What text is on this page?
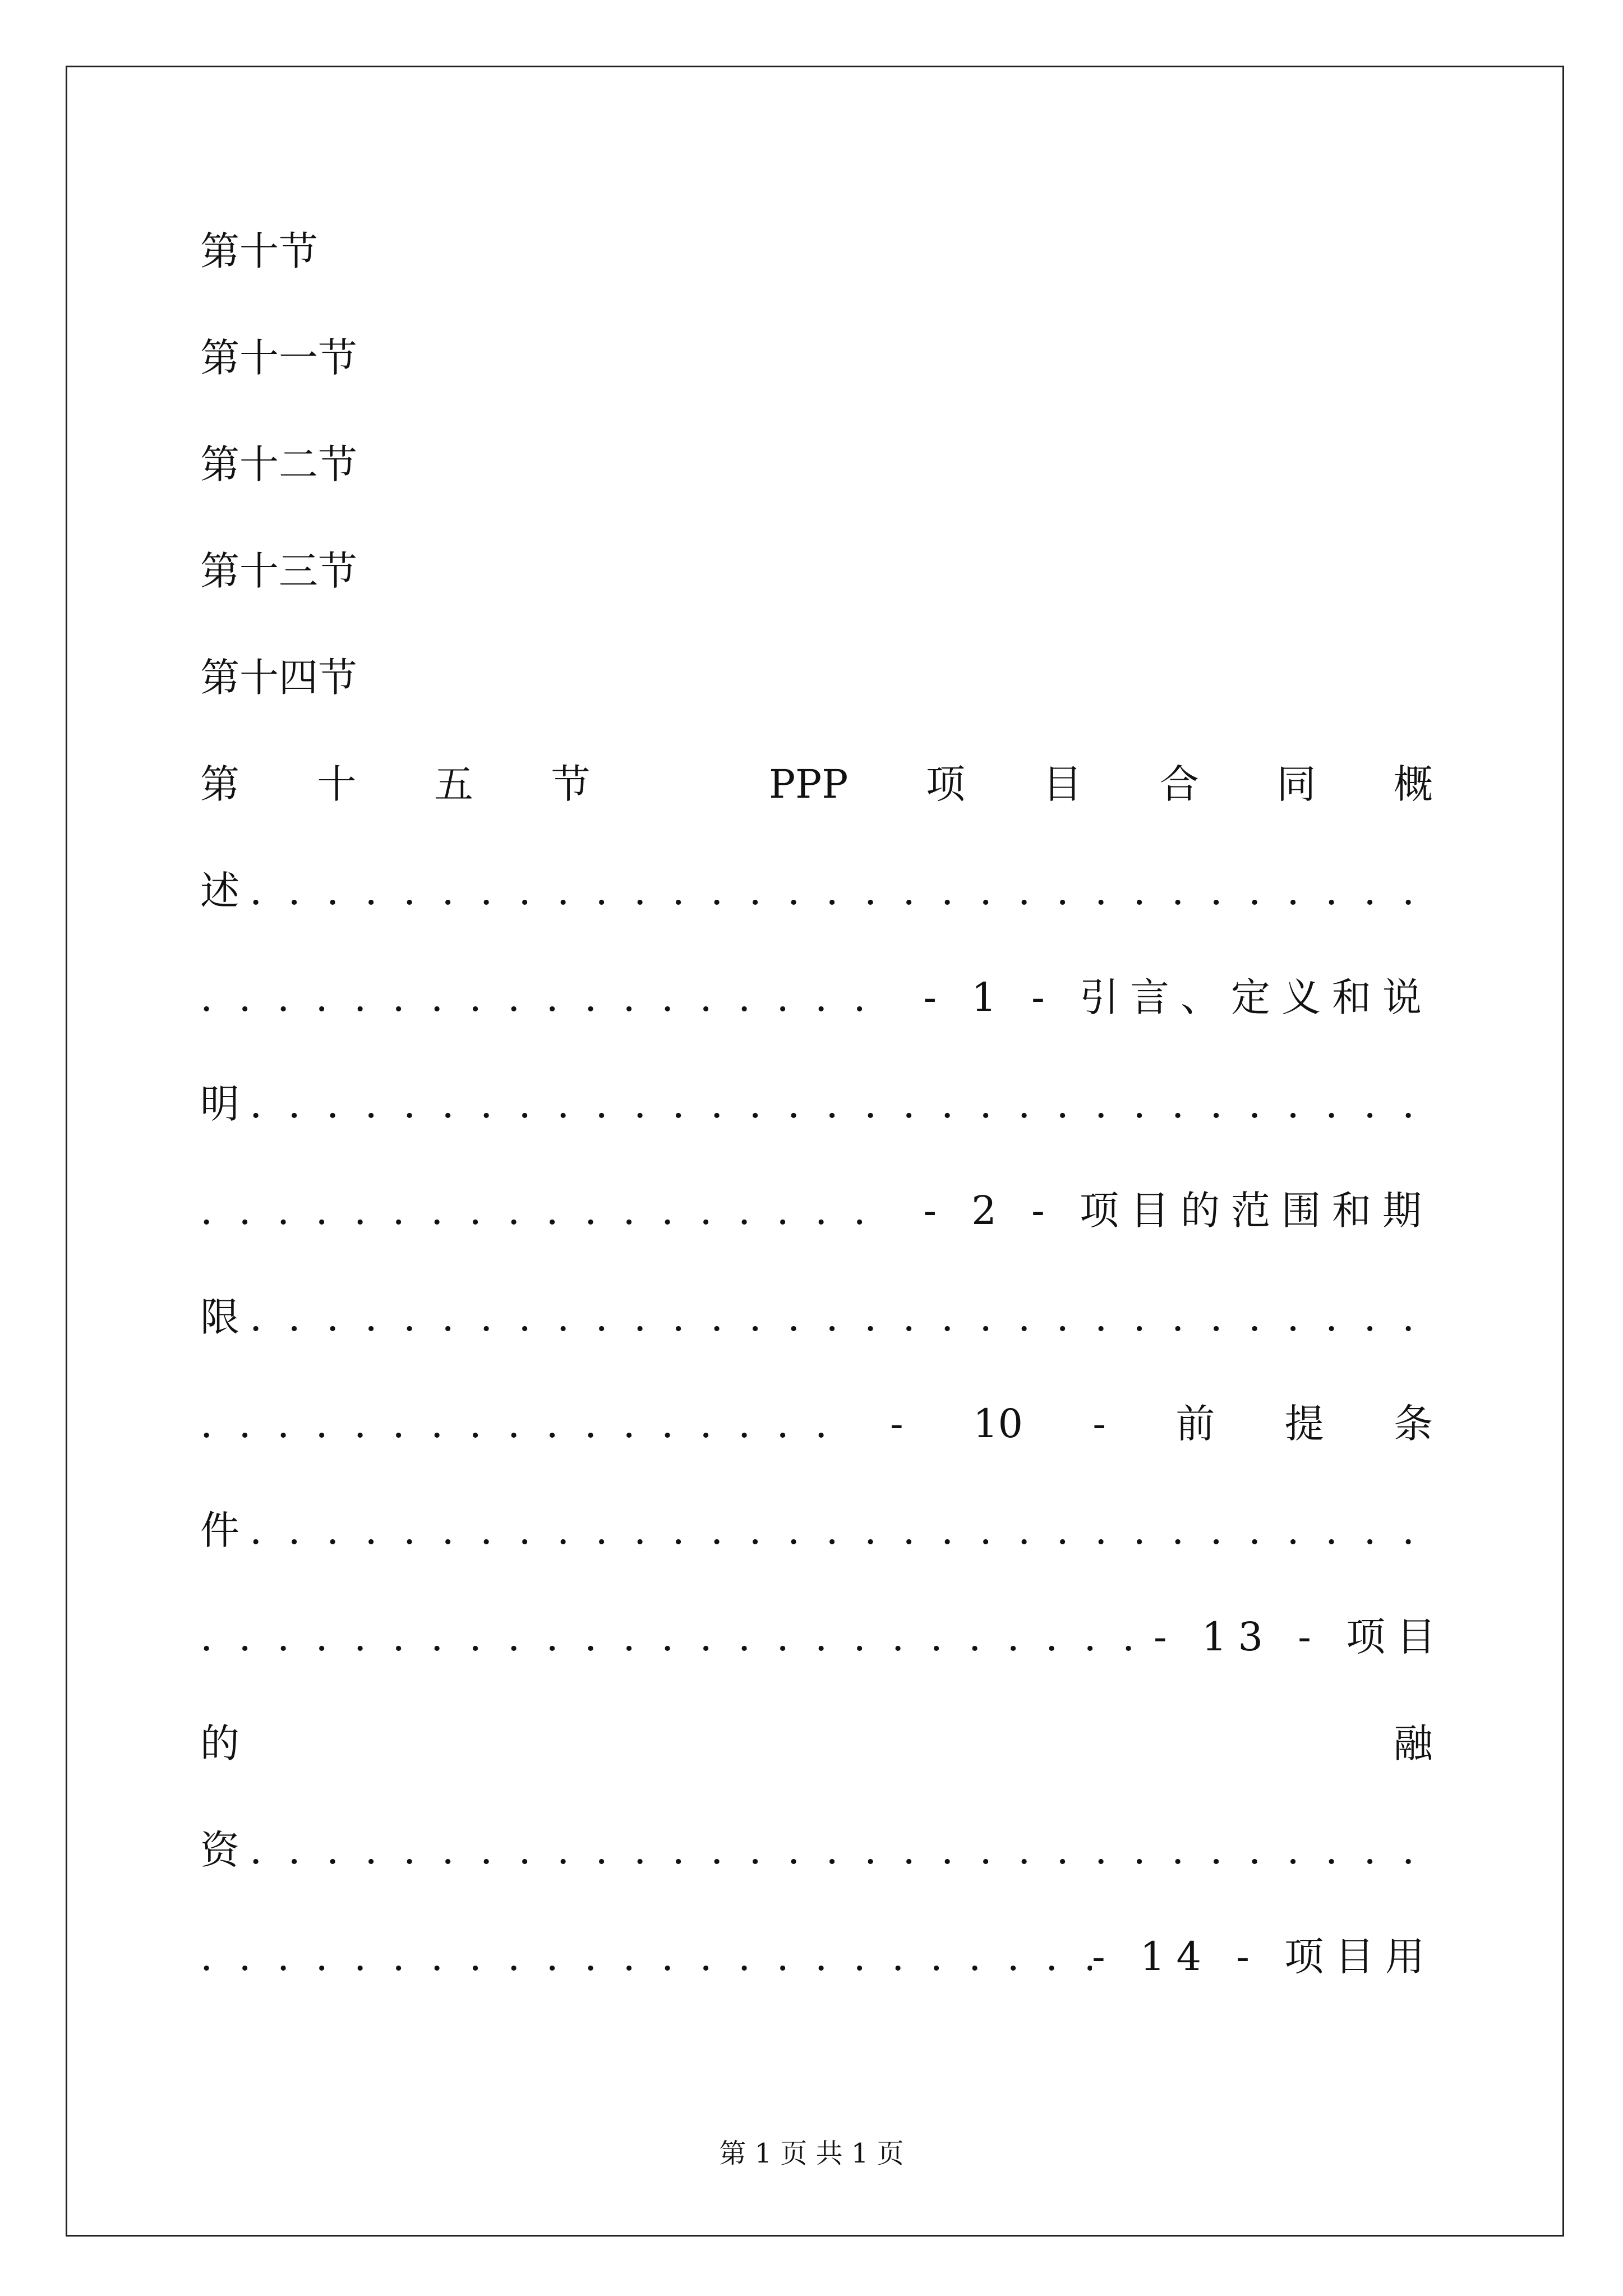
第十节
第十一节
第十二节
第十三节
第十四节
第 十 五 节	PPP 项 目 合 同 概
述
. . .
. . .
- 1 - 引言、定义和说
明
. . .
. . .
- 2 - 项目的范围和期
限
. . .
. . .
- 10 - 前 提 条
件
. . .
. . .
- 13 - 项目
的	融
资
. . .
. . .
- 14 - 项目用
第 1 页 共 1 页
